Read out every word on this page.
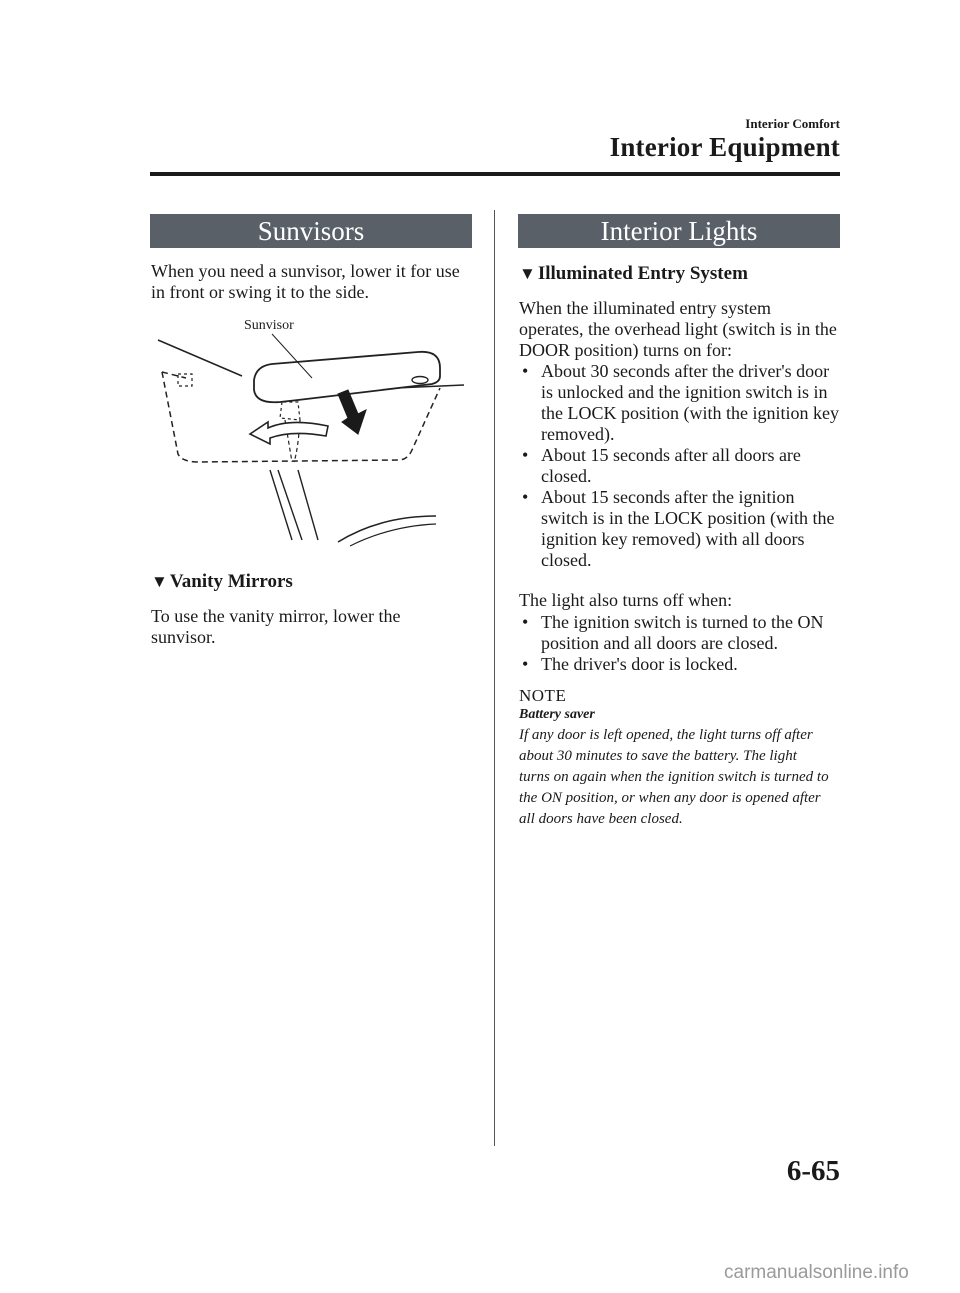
Interior Comfort
Interior Equipment
Sunvisors
When you need a sunvisor, lower it for use in front or swing it to the side.
Sunvisor
▼ Vanity Mirrors
To use the vanity mirror, lower the sunvisor.
Interior Lights
▼ Illuminated Entry System
When the illuminated entry system operates, the overhead light (switch is in the DOOR position) turns on for:
• About 30 seconds after the driver's door is unlocked and the ignition switch is in the LOCK position (with the ignition key removed).
• About 15 seconds after all doors are closed.
• About 15 seconds after the ignition switch is in the LOCK position (with the ignition key removed) with all doors closed.
The light also turns off when:
• The ignition switch is turned to the ON position and all doors are closed.
• The driver's door is locked.
NOTE
Battery saver
If any door is left opened, the light turns off after about 30 minutes to save the battery. The light turns on again when the ignition switch is turned to the ON position, or when any door is opened after all doors have been closed.
6-65
carmanualsonline.info
